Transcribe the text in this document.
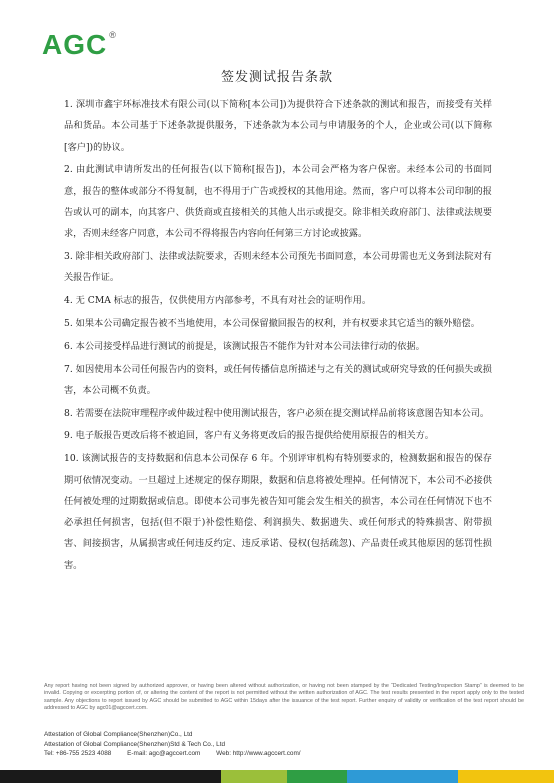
AGC ®
签发测试报告条款

1. 深圳市鑫宇环标准技术有限公司(以下简称[本公司])为提供符合下述条款的测试和报告，而接受有关样品和货品。本公司基于下述条款提供服务，下述条款为本公司与申请服务的个人，企业或公司(以下简称[客户])的协议。

2. 由此测试申请所发出的任何报告(以下简称[报告])，本公司会严格为客户保密。未经本公司的书面同意，报告的整体或部分不得复制，也不得用于广告或授权的其他用途。然而，客户可以将本公司印制的报告或认可的副本，向其客户、供货商或直接相关的其他人出示或提交。除非相关政府部门、法律或法规要求，否则未经客户同意，本公司不得将报告内容向任何第三方讨论或披露。

3. 除非相关政府部门、法律或法院要求，否则未经本公司预先书面同意，本公司毋需也无义务到法院对有关报告作证。

4. 无 CMA 标志的报告，仅供使用方内部参考，不具有对社会的证明作用。

5. 如果本公司确定报告被不当地使用，本公司保留撤回报告的权利，并有权要求其它适当的额外赔偿。

6. 本公司接受样品进行测试的前提是，该测试报告不能作为针对本公司法律行动的依据。

7. 如因使用本公司任何报告内的资料，或任何传播信息所描述与之有关的测试或研究导致的任何损失或损害，本公司概不负责。

8. 若需要在法院审理程序或仲裁过程中使用测试报告，客户必须在提交测试样品前将该意图告知本公司。

9. 电子版报告更改后将不被追回，客户有义务将更改后的报告提供给使用原报告的相关方。

10. 该测试报告的支持数据和信息本公司保存 6 年。个别评审机构有特别要求的，检测数据和报告的保存期可依情况变动。一旦超过上述规定的保存期限，数据和信息将被处理掉。任何情况下，本公司不必接供任何被处理的过期数据或信息。即使本公司事先被告知可能会发生相关的损害，本公司在任何情况下也不必承担任何损害，包括(但不限于)补偿性赔偿、利润损失、数据遗失、或任何形式的特殊损害、附带损害、间接损害，从属损害或任何违反约定、违反承诺、侵权(包括疏忽)、产品责任或其他原因的惩罚性损害。

Any report having not been signed by authorized approver, or having been altered without authorization, or having not been stamped by the “Dedicated Testing/Inspection Stamp” is deemed to be invalid. Copying or excerpting portion of, or altering the content of the report is not permitted without the written authorization of AGC. The test results presented in the report apply only to the tested sample. Any objections to report issued by AGC should be submitted to AGC within 15days after the issuance of the test report. Further enquiry of validity or verification of the test report should be addressed to AGC by agc01@agccert.com.
Attestation of Global Compliance(Shenzhen)Co., Ltd
Attestation of Global Compliance(Shenzhen)Std & Tech Co., Ltd
Tel: +86-755 2523 4088 E-mail: agc@agccert.com Web: http://www.agccert.com/
